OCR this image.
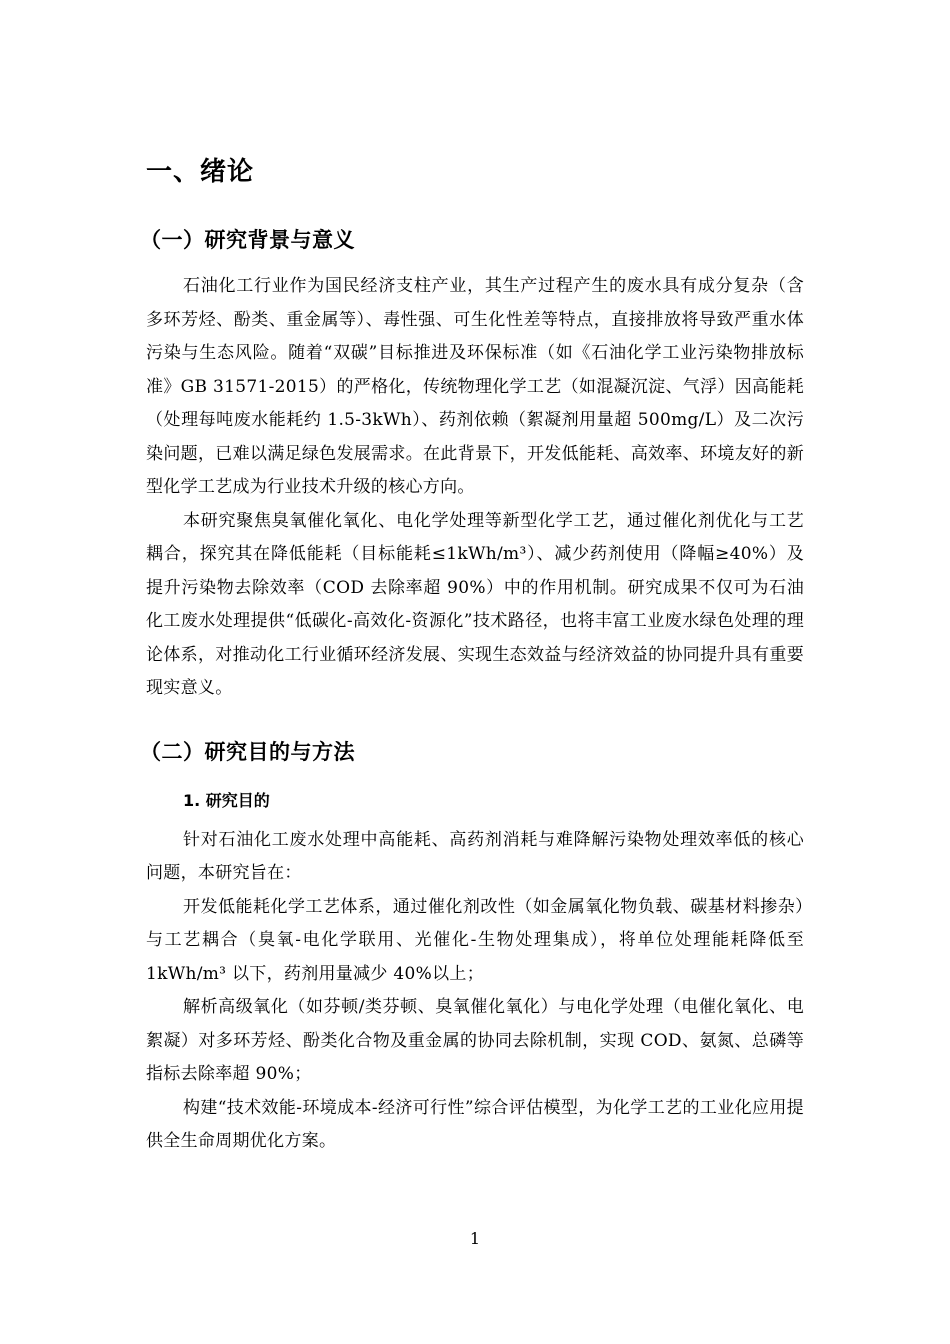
一、绪论
（一）研究背景与意义

石油化工行业作为国民经济支柱产业，其生产过程产生的废水具有成分复杂（含多环芳烃、酚类、重金属等）、毒性强、可生化性差等特点，直接排放将导致严重水体污染与生态风险。随着“双碳”目标推进及环保标准（如《石油化学工业污染物排放标准》GB 31571-2015）的严格化，传统物理化学工艺（如混凝沉淀、气浮）因高能耗（处理每吨废水能耗约 1.5-3kWh）、药剂依赖（絮凝剂用量超 500mg/L）及二次污染问题，已难以满足绿色发展需求。在此背景下，开发低能耗、高效率、环境友好的新型化学工艺成为行业技术升级的核心方向。

本研究聚焦臭氧催化氧化、电化学处理等新型化学工艺，通过催化剂优化与工艺耦合，探究其在降低能耗（目标能耗≤1kWh/m³）、减少药剂使用（降幅≥40%）及提升污染物去除效率（COD 去除率超 90%）中的作用机制。研究成果不仅可为石油化工废水处理提供“低碳化-高效化-资源化”技术路径，也将丰富工业废水绿色处理的理论体系，对推动化工行业循环经济发展、实现生态效益与经济效益的协同提升具有重要现实意义。

（二）研究目的与方法
1. 研究目的

针对石油化工废水处理中高能耗、高药剂消耗与难降解污染物处理效率低的核心问题，本研究旨在：

开发低能耗化学工艺体系，通过催化剂改性（如金属氧化物负载、碳基材料掺杂）与工艺耦合（臭氧-电化学联用、光催化-生物处理集成），将单位处理能耗降低至 1kWh/m³ 以下，药剂用量减少 40%以上；

解析高级氧化（如芬顿/类芬顿、臭氧催化氧化）与电化学处理（电催化氧化、电絮凝）对多环芳烃、酚类化合物及重金属的协同去除机制，实现 COD、氨氮、总磷等指标去除率超 90%；

构建“技术效能-环境成本-经济可行性”综合评估模型，为化学工艺的工业化应用提供全生命周期优化方案。

1
